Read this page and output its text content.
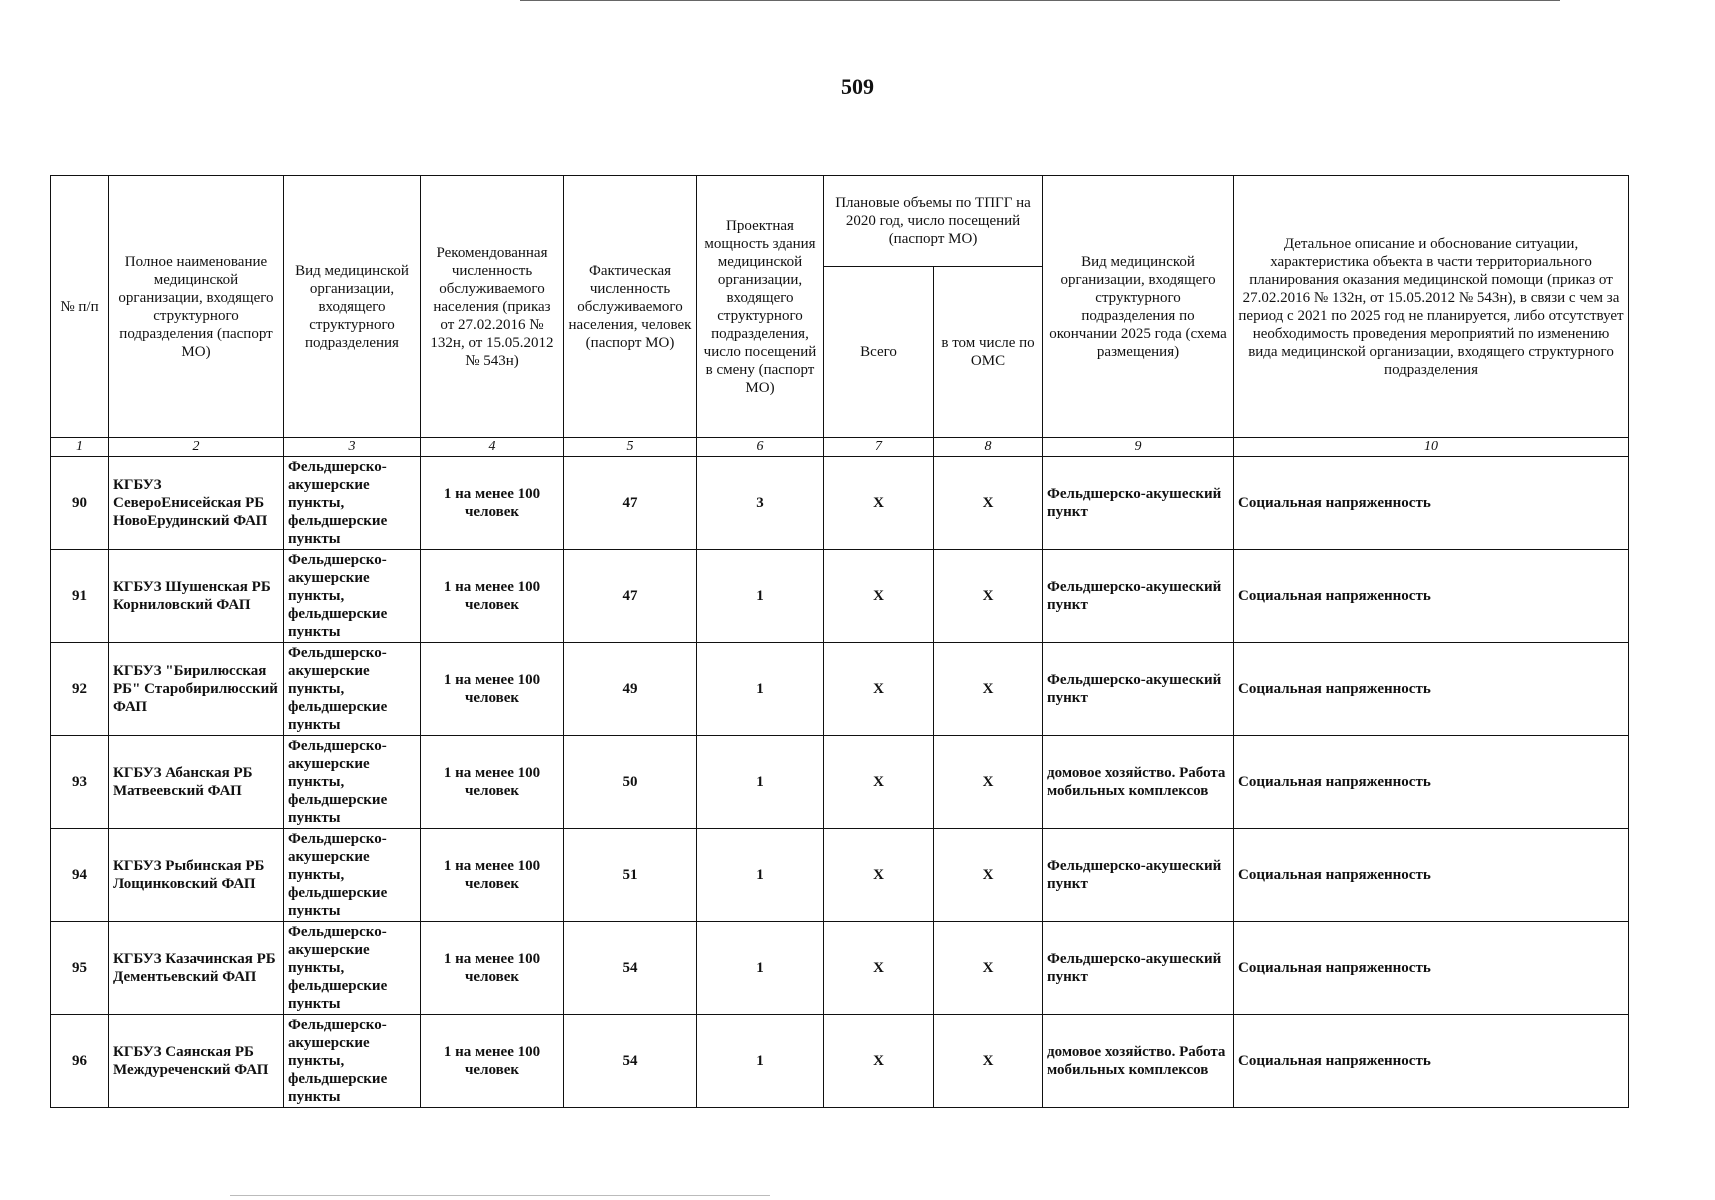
509
№ п/п	Полное наименование медицинской организации, входящего структурного подразделения (паспорт МО)	Вид медицинской организации, входящего структурного подразделения	Рекомендованная численность обслуживаемого населения (приказ от 27.02.2016 № 132н, от 15.05.2012 № 543н)	Фактическая численность обслуживаемого населения, человек (паспорт МО)	Проектная мощность здания медицинской организации, входящего структурного подразделения, число посещений в смену (паспорт МО)	Плановые объемы по ТПГГ на 2020 год, число посещений (паспорт МО)		Вид медицинской организации, входящего структурного подразделения по окончании 2025 года (схема размещения)	Детальное описание и обоснование ситуации, характеристика объекта в части территориального планирования оказания медицинской помощи (приказ от 27.02.2016 № 132н, от 15.05.2012 № 543н), в связи с чем за период с 2021 по 2025 год не планируется, либо отсутствует необходимость проведения мероприятий по изменению вида медицинской организации, входящего структурного подразделения
						Всего	в том числе по ОМС		
1	2	3	4	5	6	7	8	9	10
90	КГБУЗ СевероЕнисейская РБ НовоЕрудинский ФАП	Фельдшерско-акушерские пункты, фельдшерские пункты	1 на менее 100 человек	47	3	X	X	Фельдшерско-акушеский пункт	Социальная напряженность
91	КГБУЗ Шушенская РБ Корниловский ФАП	Фельдшерско-акушерские пункты, фельдшерские пункты	1 на менее 100 человек	47	1	X	X	Фельдшерско-акушеский пункт	Социальная напряженность
92	КГБУЗ "Бирилюсская РБ" Старобирилюсский ФАП	Фельдшерско-акушерские пункты, фельдшерские пункты	1 на менее 100 человек	49	1	X	X	Фельдшерско-акушеский пункт	Социальная напряженность
93	КГБУЗ Абанская РБ Матвеевский ФАП	Фельдшерско-акушерские пункты, фельдшерские пункты	1 на менее 100 человек	50	1	X	X	домовое хозяйство. Работа мобильных комплексов	Социальная напряженность
94	КГБУЗ Рыбинская РБ Лощинковский ФАП	Фельдшерско-акушерские пункты, фельдшерские пункты	1 на менее 100 человек	51	1	X	X	Фельдшерско-акушеский пункт	Социальная напряженность
95	КГБУЗ Казачинская РБ Дементьевский ФАП	Фельдшерско-акушерские пункты, фельдшерские пункты	1 на менее 100 человек	54	1	X	X	Фельдшерско-акушеский пункт	Социальная напряженность
96	КГБУЗ Саянская РБ Междуреченский ФАП	Фельдшерско-акушерские пункты, фельдшерские пункты	1 на менее 100 человек	54	1	X	X	домовое хозяйство. Работа мобильных комплексов	Социальная напряженность
